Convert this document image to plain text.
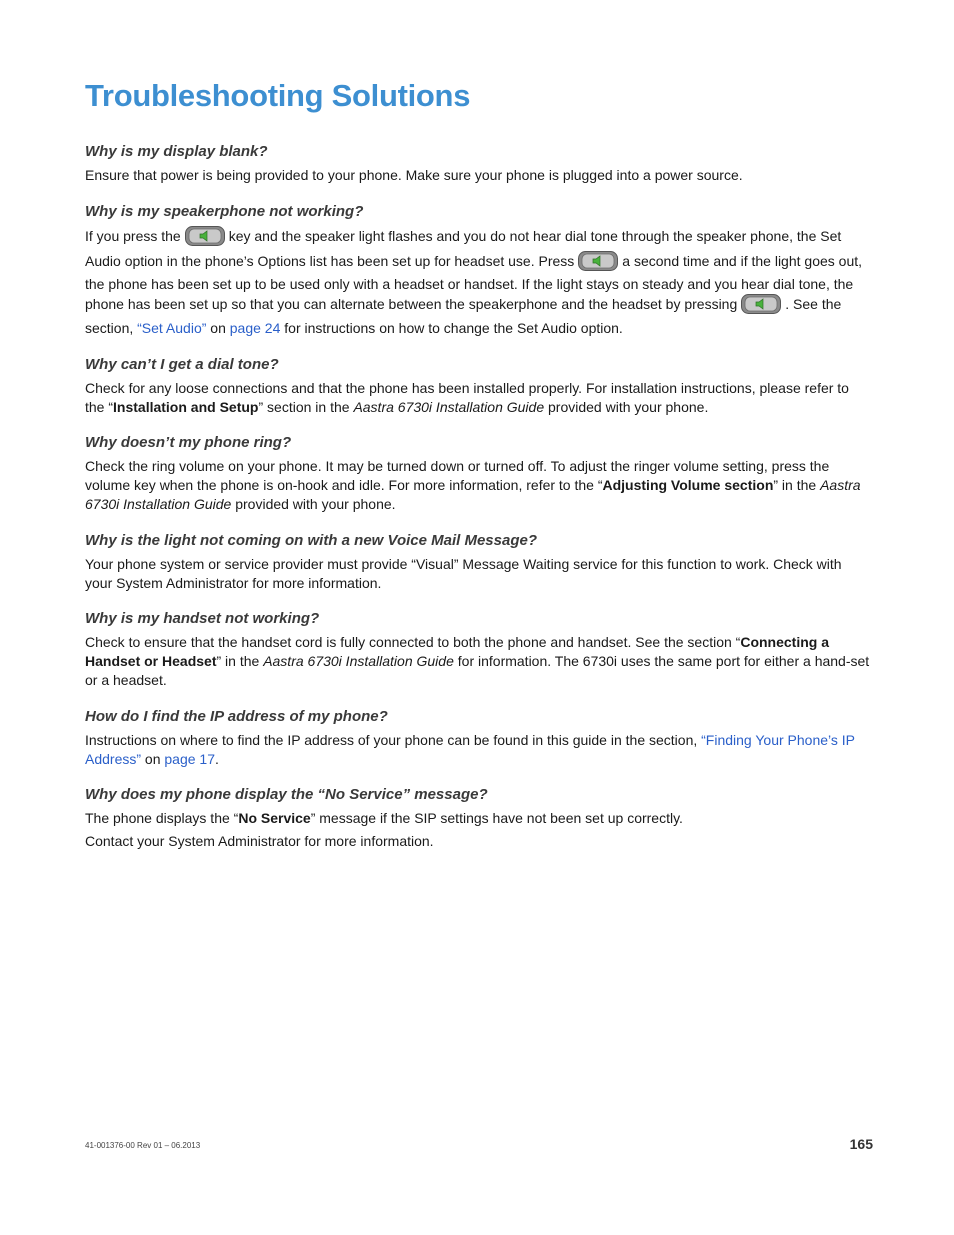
Troubleshooting Solutions

Why is my display blank?

Ensure that power is being provided to your phone. Make sure your phone is plugged into a power source.

Why is my speakerphone not working?

If you press the	key and the speaker light flashes and you do not hear dial tone through the speaker phone, the Set Audio option in the phone’s Options list has been set up for headset use. Press	a second time and if the light goes out, the phone has been set up to be used only with a headset or handset. If the light stays on steady and you hear dial tone, the phone has been set up so that you can alternate between the speakerphone and the headset by pressing	. See the section, “Set Audio” on page 24 for instructions on how to change the Set Audio option.

Why can’t I get a dial tone?

Check for any loose connections and that the phone has been installed properly. For installation instructions, please refer to the “Installation and Setup” section in the Aastra 6730i Installation Guide provided with your phone.

Why doesn’t my phone ring?

Check the ring volume on your phone. It may be turned down or turned off. To adjust the ringer volume setting, press the volume key when the phone is on-hook and idle. For more information, refer to the “Adjusting Volume section” in the Aastra 6730i Installation Guide provided with your phone.

Why is the light not coming on with a new Voice Mail Message?

Your phone system or service provider must provide “Visual” Message Waiting service for this function to work. Check with your System Administrator for more information.

Why is my handset not working?

Check to ensure that the handset cord is fully connected to both the phone and handset. See the section “Connecting a Handset or Headset” in the Aastra 6730i Installation Guide for information. The 6730i uses the same port for either a hand-set or a headset.

How do I find the IP address of my phone?

Instructions on where to find the IP address of your phone can be found in this guide in the section, “Finding Your Phone’s IP Address” on page 17.

Why does my phone display the “No Service” message?

The phone displays the “No Service” message if the SIP settings have not been set up correctly.

Contact your System Administrator for more information.

41-001376-00 Rev 01 – 06.2013	165
